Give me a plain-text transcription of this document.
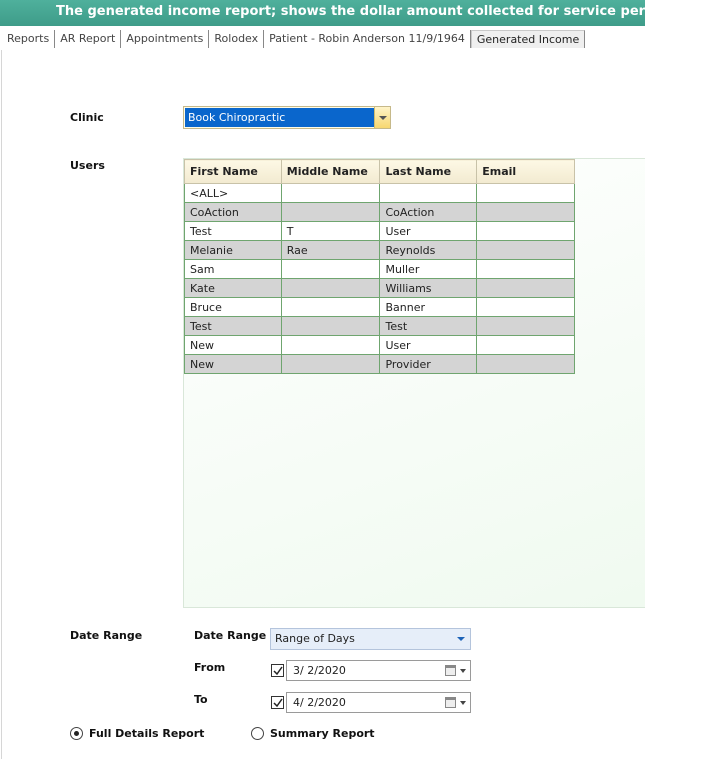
The generated income report; shows the dollar amount collected for service performed, or
Reports	AR Report	Appointments	Rolodex	Patient - Robin Anderson 11/9/1964	Generated Income
Clinic	Book Chiropractic
Users	First Name	Middle Name	Last Name	Email
<ALL>			
CoAction		CoAction	
Test	T	User	
Melanie	Rae	Reynolds	
Sam		Muller	
Kate		Williams	
Bruce		Banner	
Test		Test	
New		User	
New		Provider	
Date Range	Date Range Range of Days
From	3/ 2/2020
To	4/ 2/2020
Full Details Report	Summary Report
